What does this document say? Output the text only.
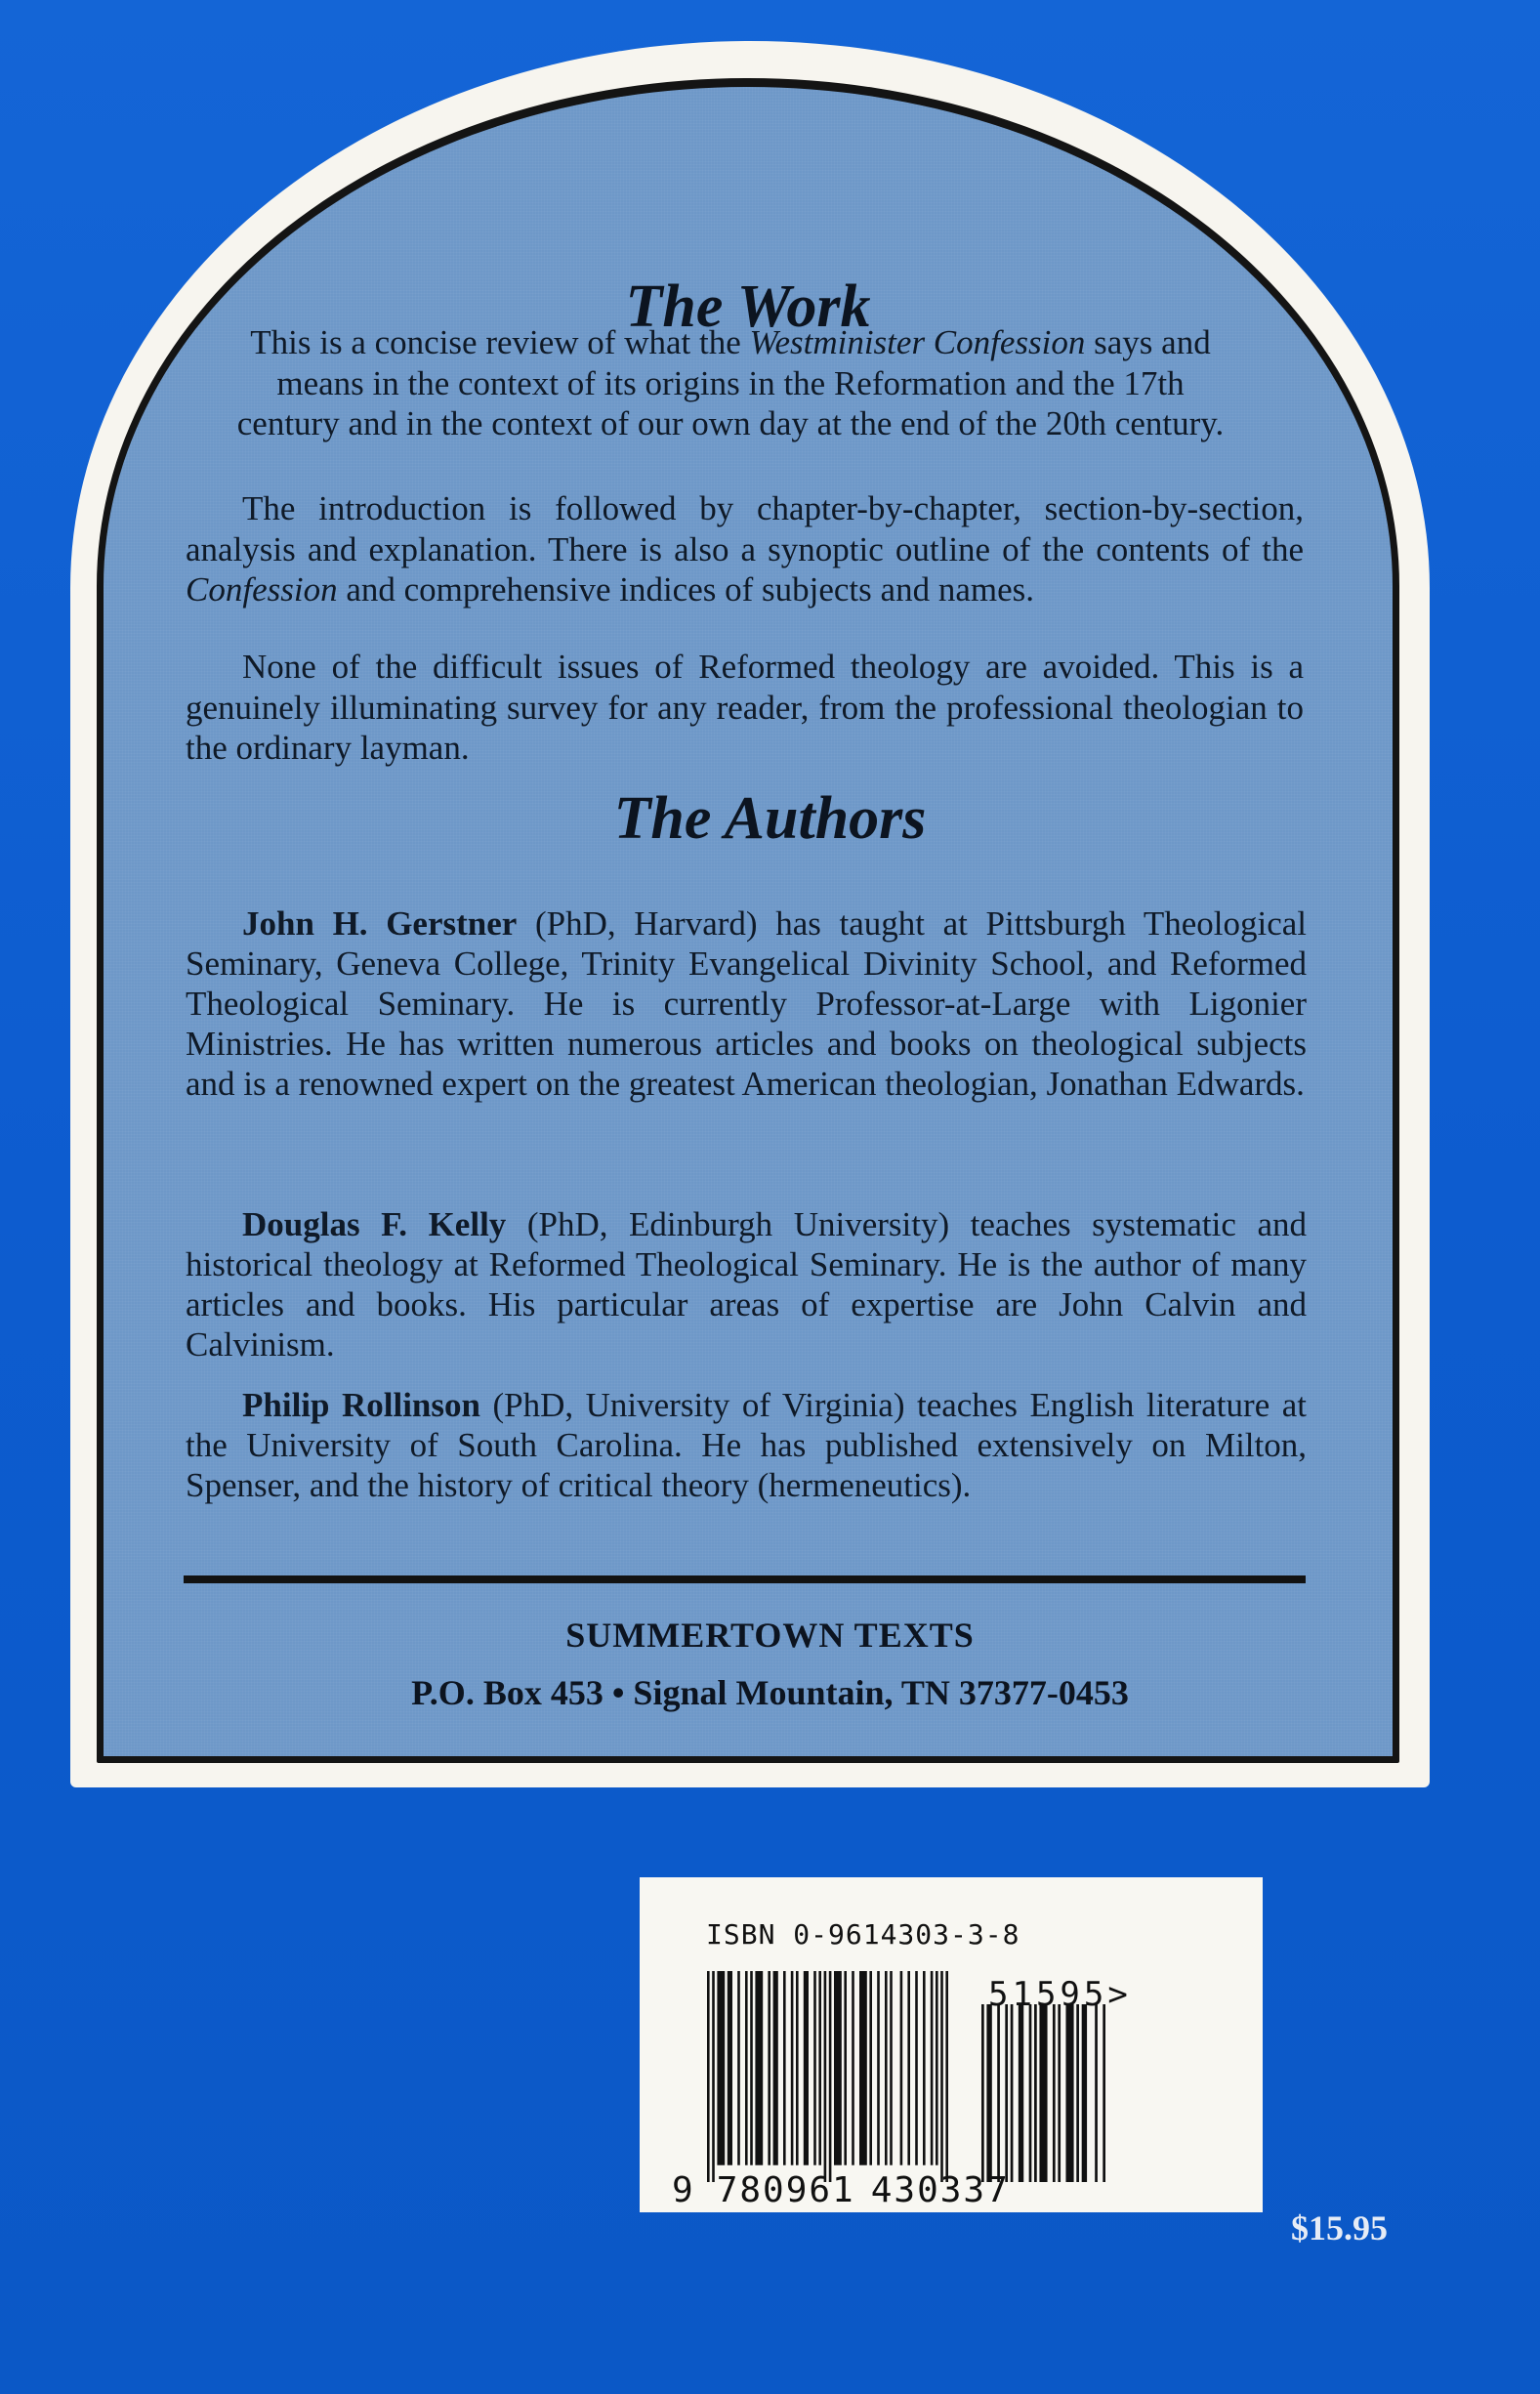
The Work
This is a concise review of what the Westminister Confession says and means in the context of its origins in the Reformation and the 17th century and in the context of our own day at the end of the 20th century.
The introduction is followed by chapter-by-chapter, section-by-section, analysis and explanation. There is also a synoptic outline of the contents of the Confession and comprehensive indices of subjects and names.
None of the difficult issues of Reformed theology are avoided. This is a genuinely illuminating survey for any reader, from the professional theologian to the ordinary layman.
The Authors
John H. Gerstner (PhD, Harvard) has taught at Pittsburgh Theological Seminary, Geneva College, Trinity Evangelical Divinity School, and Reformed Theological Seminary. He is currently Professor-at-Large with Ligonier Ministries. He has written numerous articles and books on theological subjects and is a renowned expert on the greatest American theologian, Jonathan Edwards.
Douglas F. Kelly (PhD, Edinburgh University) teaches systematic and historical theology at Reformed Theological Seminary. He is the author of many articles and books. His particular areas of expertise are John Calvin and Calvinism.
Philip Rollinson (PhD, University of Virginia) teaches English literature at the University of South Carolina. He has published extensively on Milton, Spenser, and the history of critical theory (hermeneutics).
SUMMERTOWN TEXTS
P.O. Box 453 • Signal Mountain, TN 37377-0453
ISBN 0-9614303-3-8
51595>
9 780961 430337
$15.95
